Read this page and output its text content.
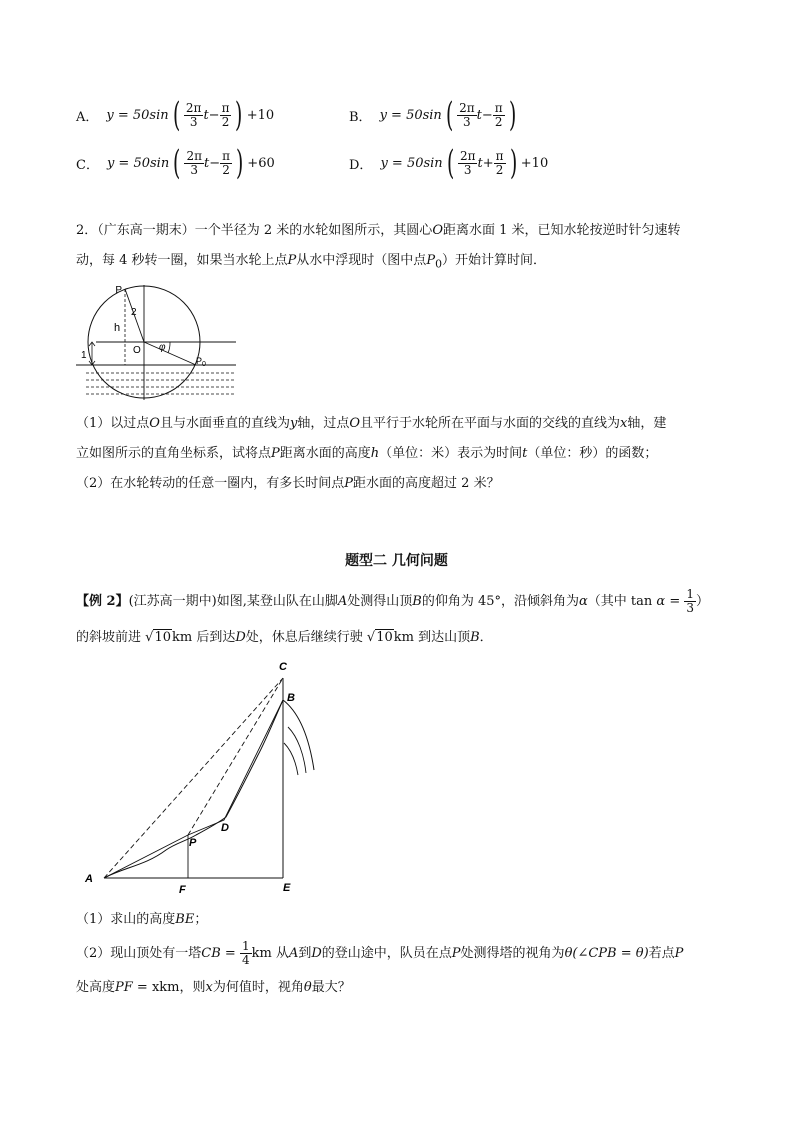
A． y = 50sin ( $\frac{2\pi}{3}$ $t - \frac{\pi}{2}$ ) +10	B． y = 50sin ( $\frac{2\pi}{3}$ $t - \frac{\pi}{2}$ )
C． y = 50sin ( $\frac{2\pi}{3}$ $t - \frac{\pi}{2}$ ) +60	D． y = 50sin ( $\frac{2\pi}{3}$ $t + \frac{\pi}{2}$ ) +10
2．（广东高一期末）一个半径为 2 米的水轮如图所示，其圆心O距离水面 1 米，已知水轮按逆时针匀速转
动，每 4 秒转一圈，如果当水轮上点P从水中浮现时（图中点$P_0$）开始计算时间．
P
2
h
O φ
P 0
1
（1）以过点O且与水面垂直的直线为y轴，过点O且平行于水轮所在平面与水面的交线的直线为x轴，建
立如图所示的直角坐标系，试将点P距离水面的高度h（单位：米）表示为时间t（单位：秒）的函数；
（2）在水轮转动的任意一圈内，有多长时间点P距水面的高度超过 2 米？
题型二 几何问题
【例 2】(江苏高一期中)如图,某登山队在山脚A处测得山顶B的仰角为 45°，沿倾斜角为α（其中 $\tan \alpha = \frac{1}{3}$ ）
的斜坡前进 √10km 后到达D处，休息后继续行驶 √10km 到达山顶B．
C
B
D
P
A
F	E
（1）求山的高度BE；
（2）现山顶处有一塔CB = $\frac{1}{4}$ km 从A到D的登山途中，队员在点P处测得塔的视角为θ(∠CPB = θ)若点P
处高度PF = xkm，则x为何值时，视角θ最大？
